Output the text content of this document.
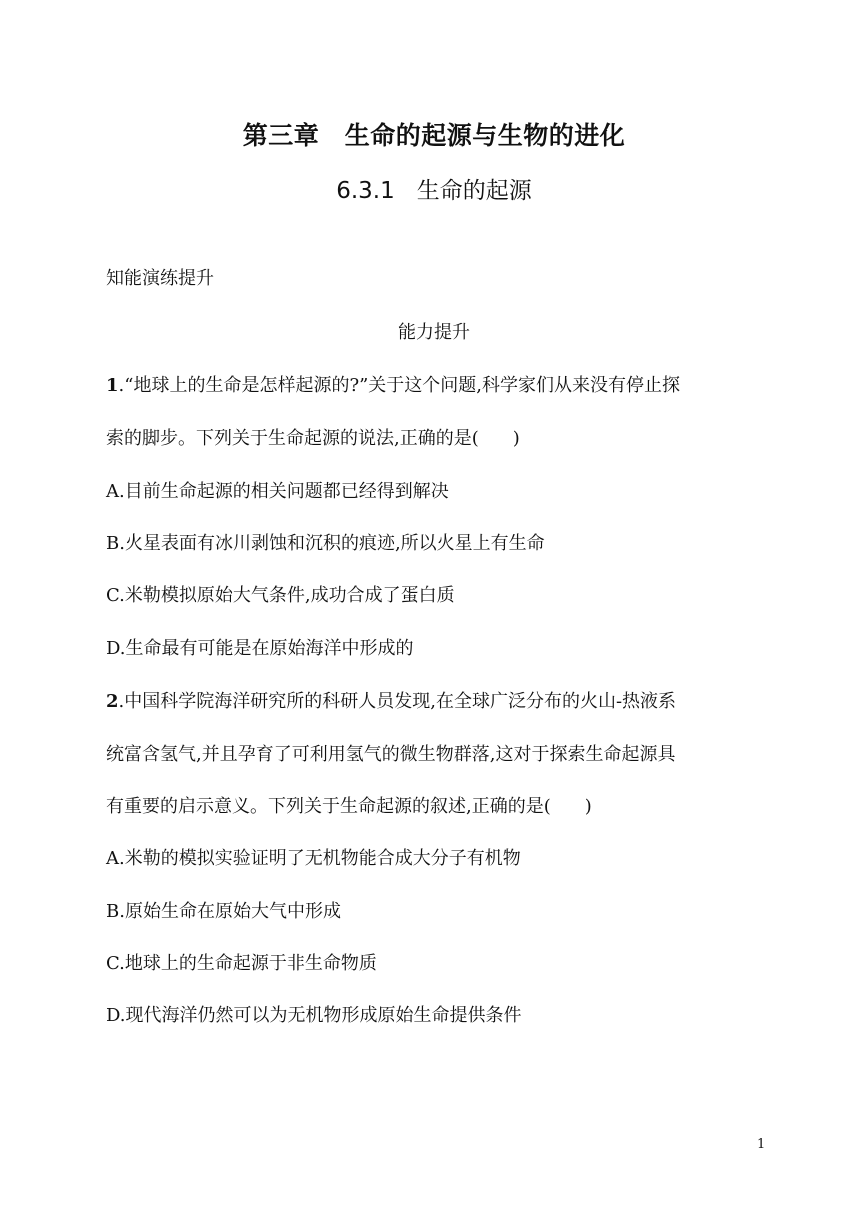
第三章　生命的起源与生物的进化
6.3.1 生命的起源
知能演练提升
能力提升
1.“地球上的生命是怎样起源的?”关于这个问题,科学家们从来没有停止探
索的脚步。下列关于生命起源的说法,正确的是( )
A.目前生命起源的相关问题都已经得到解决
B.火星表面有冰川剥蚀和沉积的痕迹,所以火星上有生命
C.米勒模拟原始大气条件,成功合成了蛋白质
D.生命最有可能是在原始海洋中形成的
2.中国科学院海洋研究所的科研人员发现,在全球广泛分布的火山-热液系
统富含氢气,并且孕育了可利用氢气的微生物群落,这对于探索生命起源具
有重要的启示意义。下列关于生命起源的叙述,正确的是( )
A.米勒的模拟实验证明了无机物能合成大分子有机物
B.原始生命在原始大气中形成
C.地球上的生命起源于非生命物质
D.现代海洋仍然可以为无机物形成原始生命提供条件
1
